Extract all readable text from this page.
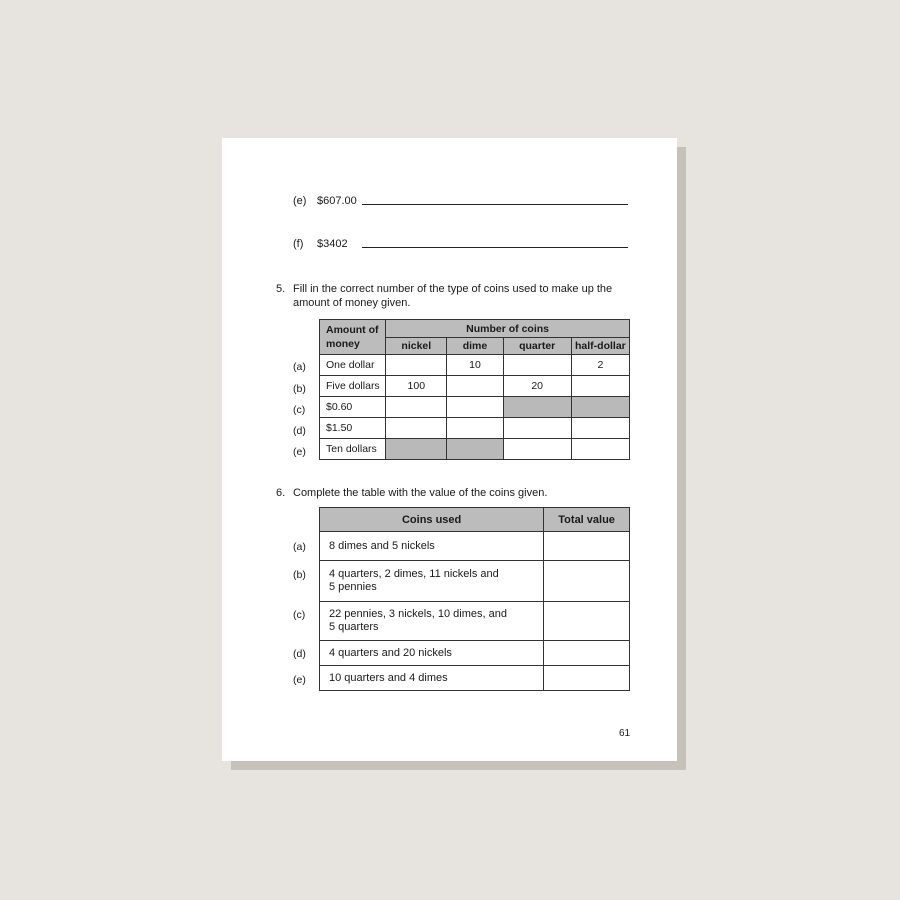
(e) $607.00
(f) $3402
5. Fill in the correct number of the type of coins used to make up the
amount of money given.
Amount of
money	Number of coins			
	nickel	dime	quarter	half-dollar
One dollar		10		2
Five dollars	100		20	
$0.60				
$1.50				
Ten dollars				
(a)
(b)
(c)
(d)
(e)
6. Complete the table with the value of the coins given.
Coins used	Total value
8 dimes and 5 nickels	
4 quarters, 2 dimes, 11 nickels and
5 pennies	
22 pennies, 3 nickels, 10 dimes, and
5 quarters	
4 quarters and 20 nickels	
10 quarters and 4 dimes	
(a)
(b)
(c)
(d)
(e)
61
